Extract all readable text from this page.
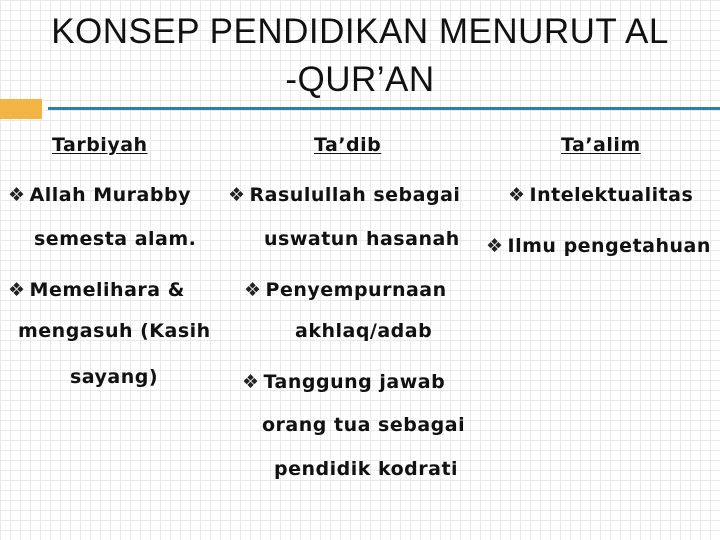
KONSEP PENDIDIKAN MENURUT AL
-QUR’AN
Tarbiyah	Ta’dib	Ta’alim
❖ Allah Murabby
semesta alam.
❖ Memelihara &
mengasuh (Kasih
sayang)
❖ Rasulullah sebagai
uswatun hasanah
❖ Penyempurnaan
akhlaq/adab
❖ Tanggung jawab
orang tua sebagai
pendidik kodrati
❖ Intelektualitas
❖ Ilmu pengetahuan
